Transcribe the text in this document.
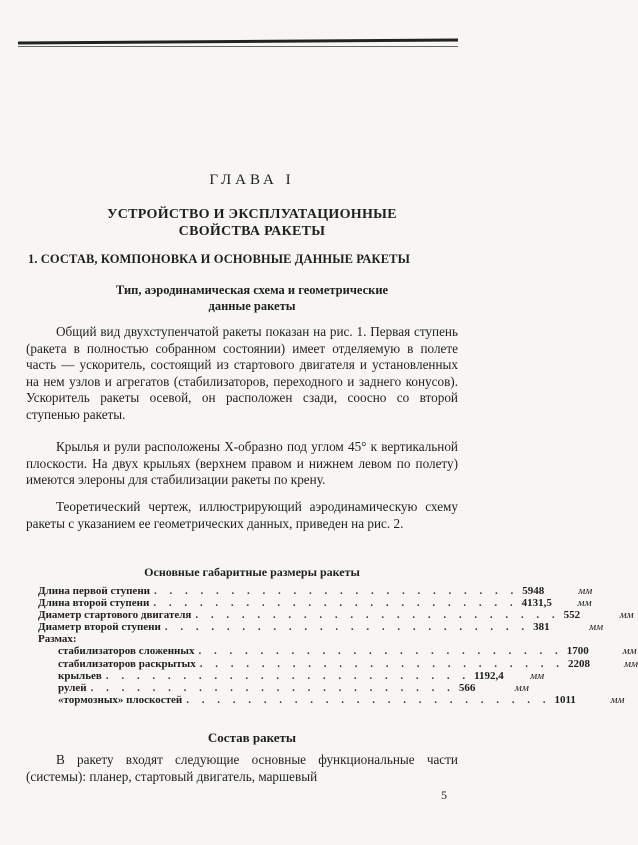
ГЛАВА I
УСТРОЙСТВО И ЭКСПЛУАТАЦИОННЫЕ
СВОЙСТВА РАКЕТЫ
1. СОСТАВ, КОМПОНОВКА И ОСНОВНЫЕ ДАННЫЕ РАКЕТЫ
Тип, аэродинамическая схема и геометрические
данные ракеты

Общий вид двухступенчатой ракеты показан на рис. 1. Первая ступень (ракета в полностью собранном состоянии) имеет отделяемую в полете часть — ускоритель, состоящий из стартового двигателя и установленных на нем узлов и агрегатов (стабилизаторов, переходного и заднего конусов). Ускоритель ракеты осевой, он расположен сзади, соосно со второй ступенью ракеты.

Крылья и рули расположены Х-образно под углом 45° к вертикальной плоскости. На двух крыльях (верхнем правом и нижнем левом по полету) имеются элероны для стабилизации ракеты по крену.

Теоретический чертеж, иллюстрирующий аэродинамическую схему ракеты с указанием ее геометрических данных, приведен на рис. 2.

Основные габаритные размеры ракеты
Длина первой ступени . . . . . . . . . . . . . . . . . . . . . . . . 5948	мм
Длина второй ступени . . . . . . . . . . . . . . . . . . . . . . . . 4131,5	мм
Диаметр стартового двигателя . . . . . . . . . . . . . . . . . . . . . . . . 552	мм
Диаметр второй ступени . . . . . . . . . . . . . . . . . . . . . . . . 381	мм
Размах:
стабилизаторов сложенных . . . . . . . . . . . . . . . . . . . . . . . . 1700	мм
стабилизаторов раскрытых . . . . . . . . . . . . . . . . . . . . . . . . 2208	мм
крыльев . . . . . . . . . . . . . . . . . . . . . . . . 1192,4	мм
рулей . . . . . . . . . . . . . . . . . . . . . . . . 566	мм
«тормозных» плоскостей . . . . . . . . . . . . . . . . . . . . . . . . 1011	мм
Состав ракеты

В ракету входят следующие основные функциональные части (системы): планер, стартовый двигатель, маршевый

5
